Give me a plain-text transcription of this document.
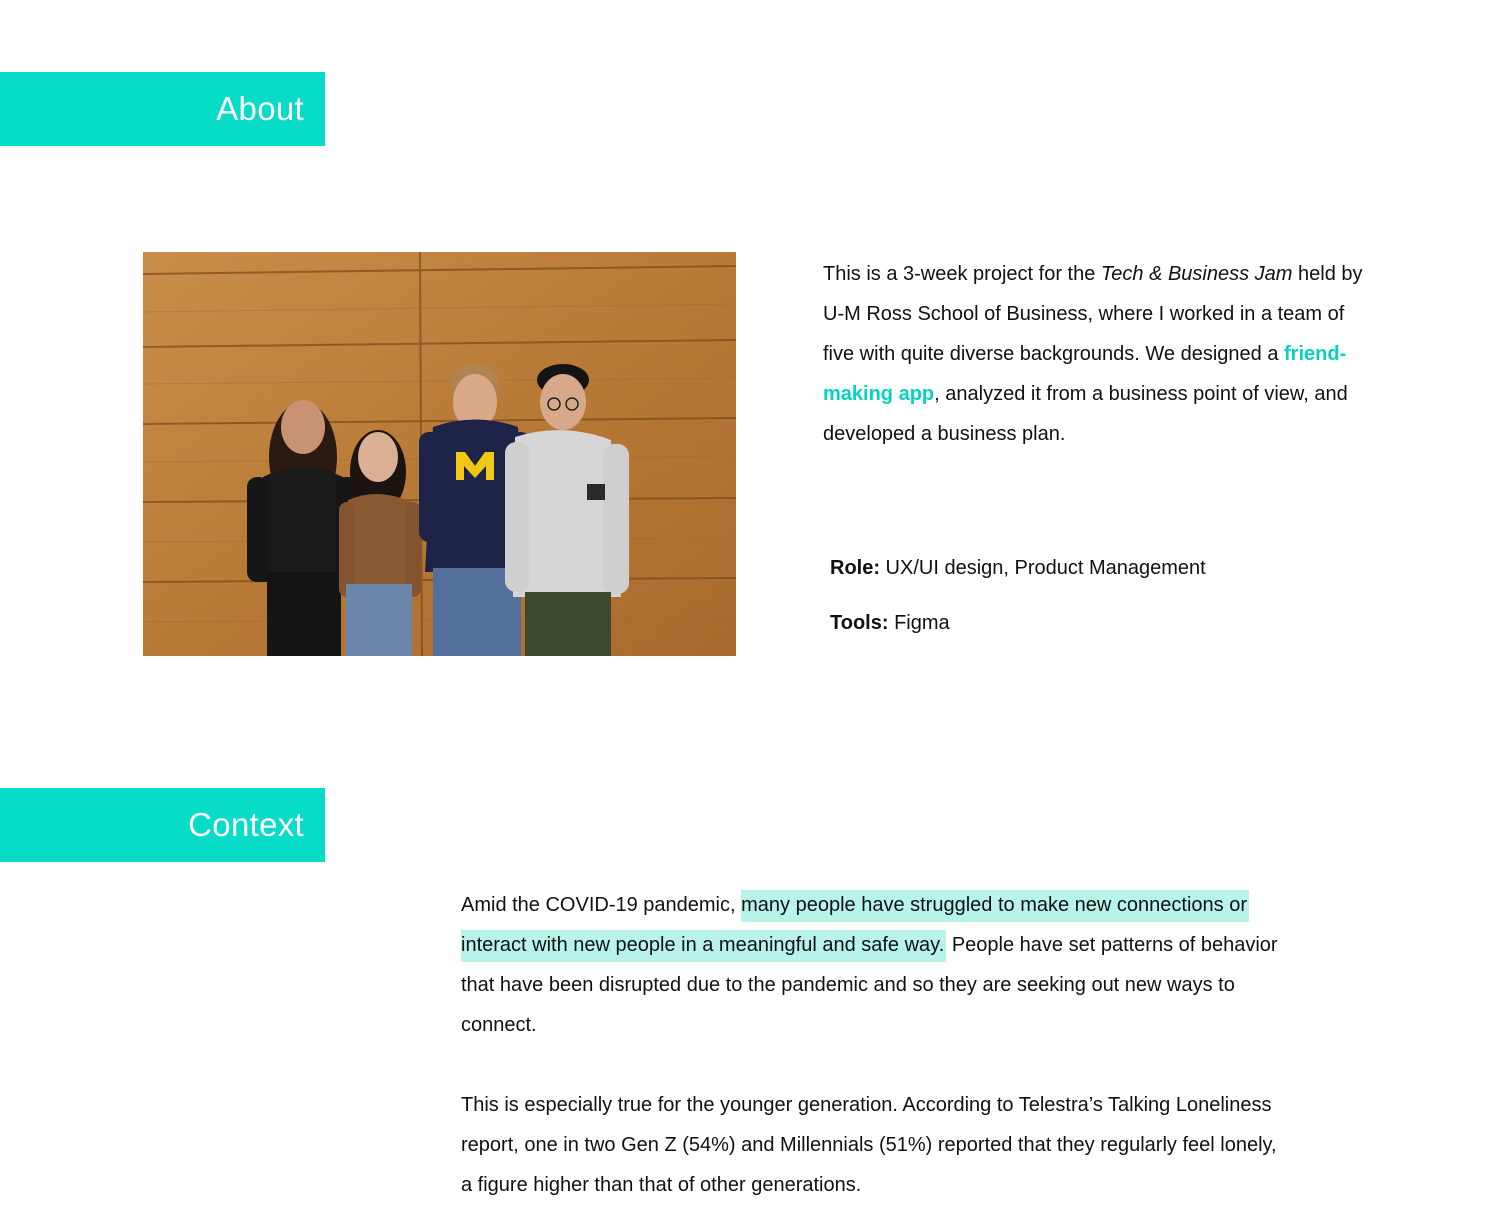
About
This is a 3-week project for the Tech & Business Jam held by U-M Ross School of Business, where I worked in a team of five with quite diverse backgrounds. We designed a friend-making app, analyzed it from a business point of view, and developed a business plan.
Role: UX/UI design, Product Management
Tools: Figma
Context

Amid the COVID-19 pandemic, many people have struggled to make new connections or interact with new people in a meaningful and safe way. People have set patterns of behavior that have been disrupted due to the pandemic and so they are seeking out new ways to connect.

This is especially true for the younger generation. According to Telestra’s Talking Loneliness report, one in two Gen Z (54%) and Millennials (51%) reported that they regularly feel lonely, a figure higher than that of other generations.
